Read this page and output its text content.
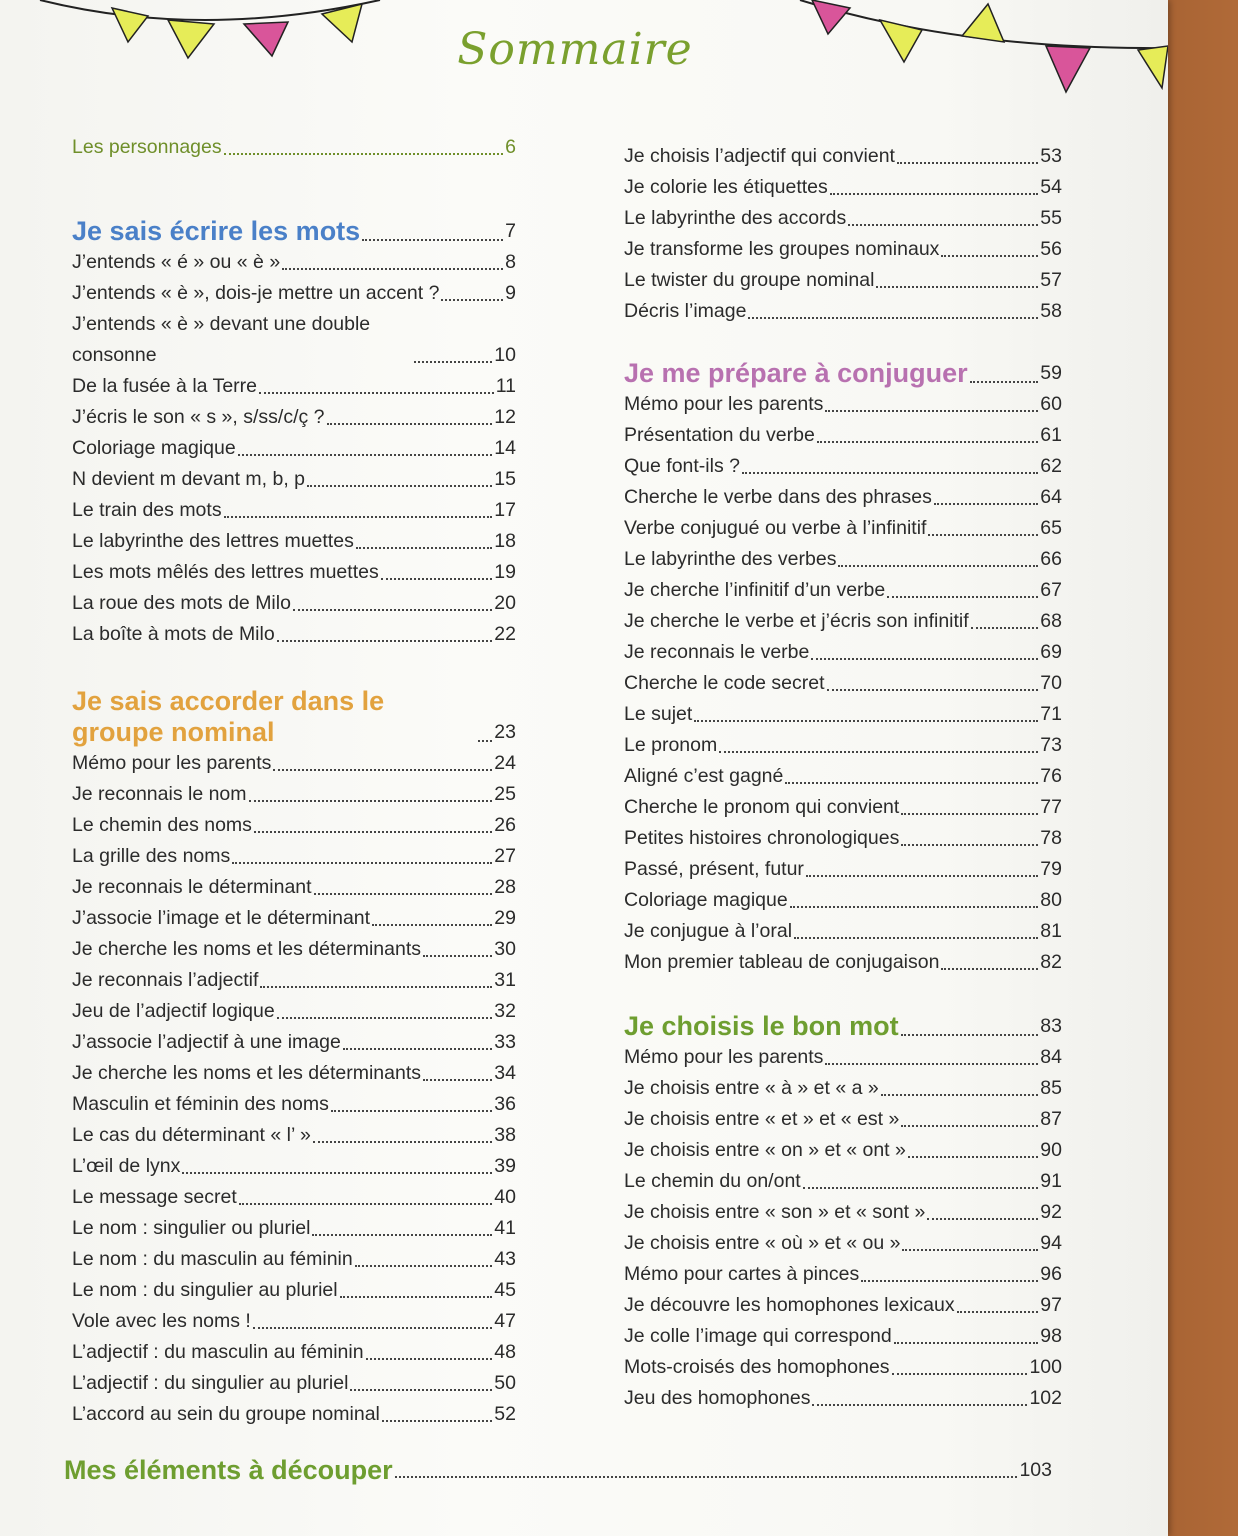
Sommaire
Les personnages	6
Je sais écrire les mots	7
J’entends « é » ou « è »	8
J’entends « è », dois-je mettre un accent ?	9
J’entends « è » devant une double consonne	10
De la fusée à la Terre	11
J’écris le son « s », s/ss/c/ç ?	12
Coloriage magique	14
N devient m devant m, b, p	15
Le train des mots	17
Le labyrinthe des lettres muettes	18
Les mots mêlés des lettres muettes	19
La roue des mots de Milo	20
La boîte à mots de Milo	22
Je sais accorder dans le groupe nominal	23
Mémo pour les parents	24
Je reconnais le nom	25
Le chemin des noms	26
La grille des noms	27
Je reconnais le déterminant	28
J’associe l’image et le déterminant	29
Je cherche les noms et les déterminants	30
Je reconnais l’adjectif	31
Jeu de l’adjectif logique	32
J’associe l’adjectif à une image	33
Je cherche les noms et les déterminants	34
Masculin et féminin des noms	36
Le cas du déterminant « l’ »	38
L’œil de lynx	39
Le message secret	40
Le nom : singulier ou pluriel	41
Le nom : du masculin au féminin	43
Le nom : du singulier au pluriel	45
Vole avec les noms !	47
L’adjectif : du masculin au féminin	48
L’adjectif : du singulier au pluriel	50
L’accord au sein du groupe nominal	52
Je choisis l’adjectif qui convient	53
Je colorie les étiquettes	54
Le labyrinthe des accords	55
Je transforme les groupes nominaux	56
Le twister du groupe nominal	57
Décris l’image	58
Je me prépare à conjuguer	59
Mémo pour les parents	60
Présentation du verbe	61
Que font-ils ?	62
Cherche le verbe dans des phrases	64
Verbe conjugué ou verbe à l’infinitif	65
Le labyrinthe des verbes	66
Je cherche l’infinitif d’un verbe	67
Je cherche le verbe et j’écris son infinitif	68
Je reconnais le verbe	69
Cherche le code secret	70
Le sujet	71
Le pronom	73
Aligné c’est gagné	76
Cherche le pronom qui convient	77
Petites histoires chronologiques	78
Passé, présent, futur	79
Coloriage magique	80
Je conjugue à l’oral	81
Mon premier tableau de conjugaison	82
Je choisis le bon mot	83
Mémo pour les parents	84
Je choisis entre « à » et « a »	85
Je choisis entre « et » et « est »	87
Je choisis entre « on » et « ont »	90
Le chemin du on/ont	91
Je choisis entre « son » et « sont »	92
Je choisis entre « où » et « ou »	94
Mémo pour cartes à pinces	96
Je découvre les homophones lexicaux	97
Je colle l’image qui correspond	98
Mots-croisés des homophones	100
Jeu des homophones	102
Mes éléments à découper	103
